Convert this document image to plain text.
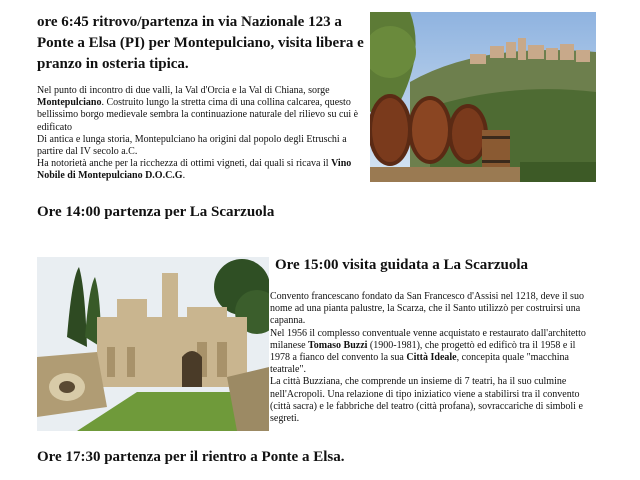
ore 6:45 ritrovo/partenza in via Nazionale 123 a Ponte a Elsa (PI) per Montepulciano, visita libera e pranzo in osteria tipica.

Nel punto di incontro di due valli, la Val d'Orcia e la Val di Chiana, sorge Montepulciano. Costruito lungo la stretta cima di una collina calcarea, questo bellissimo borgo medievale sembra la continuazione naturale del rilievo su cui è edificato

Di antica e lunga storia, Montepulciano ha origini dal popolo degli Etruschi a partire dal IV secolo a.C.

Ha notorietà anche per la ricchezza di ottimi vigneti, dai quali si ricava il Vino Nobile di Montepulciano D.O.C.G.

Ore 14:00 partenza per La Scarzuola
Ore 15:00 visita guidata a La Scarzuola

Convento francescano fondato da San Francesco d'Assisi nel 1218, deve il suo nome ad una pianta palustre, la Scarza, che il Santo utilizzò per costruirsi una capanna.

Nel 1956 il complesso conventuale venne acquistato e restaurato dall'architetto milanese Tomaso Buzzi (1900-1981), che progettò ed edificò tra il 1958 e il 1978 a fianco del convento la sua Città Ideale, concepita quale "macchina teatrale".

La città Buzziana, che comprende un insieme di 7 teatri, ha il suo culmine nell'Acropoli. Una relazione di tipo iniziatico viene a stabilirsi tra il convento (città sacra) e le fabbriche del teatro (città profana), sovraccariche di simboli e segreti.

Ore 17:30 partenza per il rientro a Ponte a Elsa.
